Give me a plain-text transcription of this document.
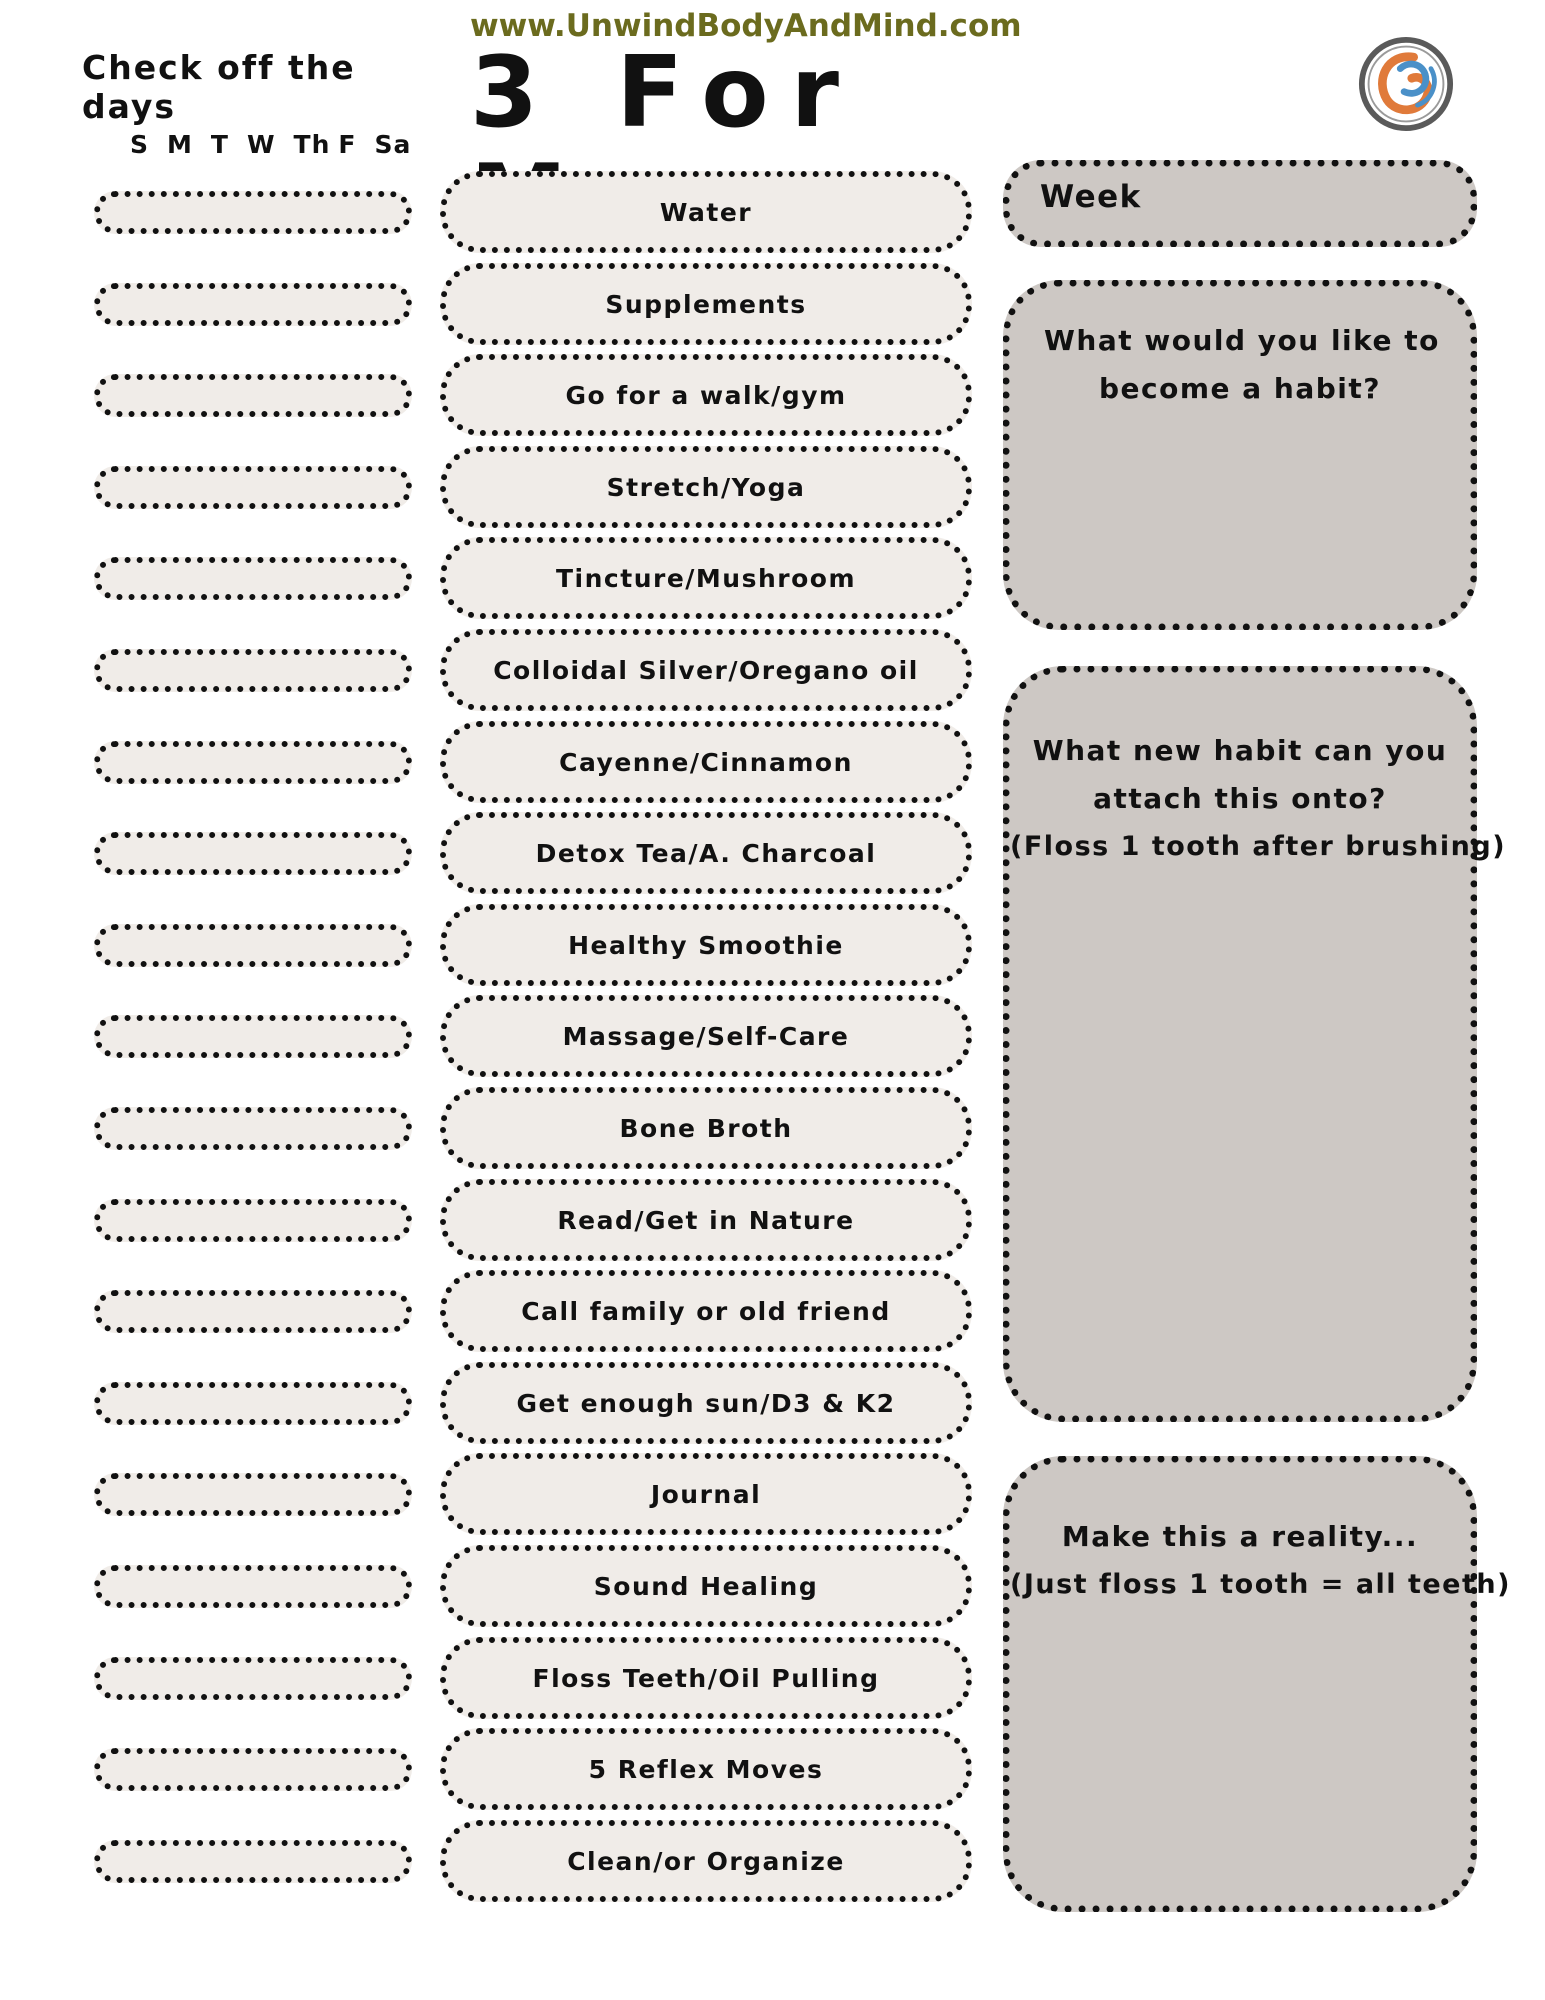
www.UnwindBodyAndMind.com
3 For
Check off the days
S M T W Th F Sa
Water
Supplements
Go for a walk/gym
Stretch/Yoga
Tincture/Mushroom
Colloidal Silver/Oregano oil
Cayenne/Cinnamon
Detox Tea/A. Charcoal
Healthy Smoothie
Massage/Self-Care
Bone Broth
Read/Get in Nature
Call family or old friend
Get enough sun/D3 & K2
Journal
Sound Healing
Floss Teeth/Oil Pulling
5 Reflex Moves
Clean/or Organize
Week
What would you like to
become a habit?
What new habit can you
attach this onto?
(Floss 1 tooth after brushing)
Make this a reality...
(Just floss 1 tooth = all teeth)
